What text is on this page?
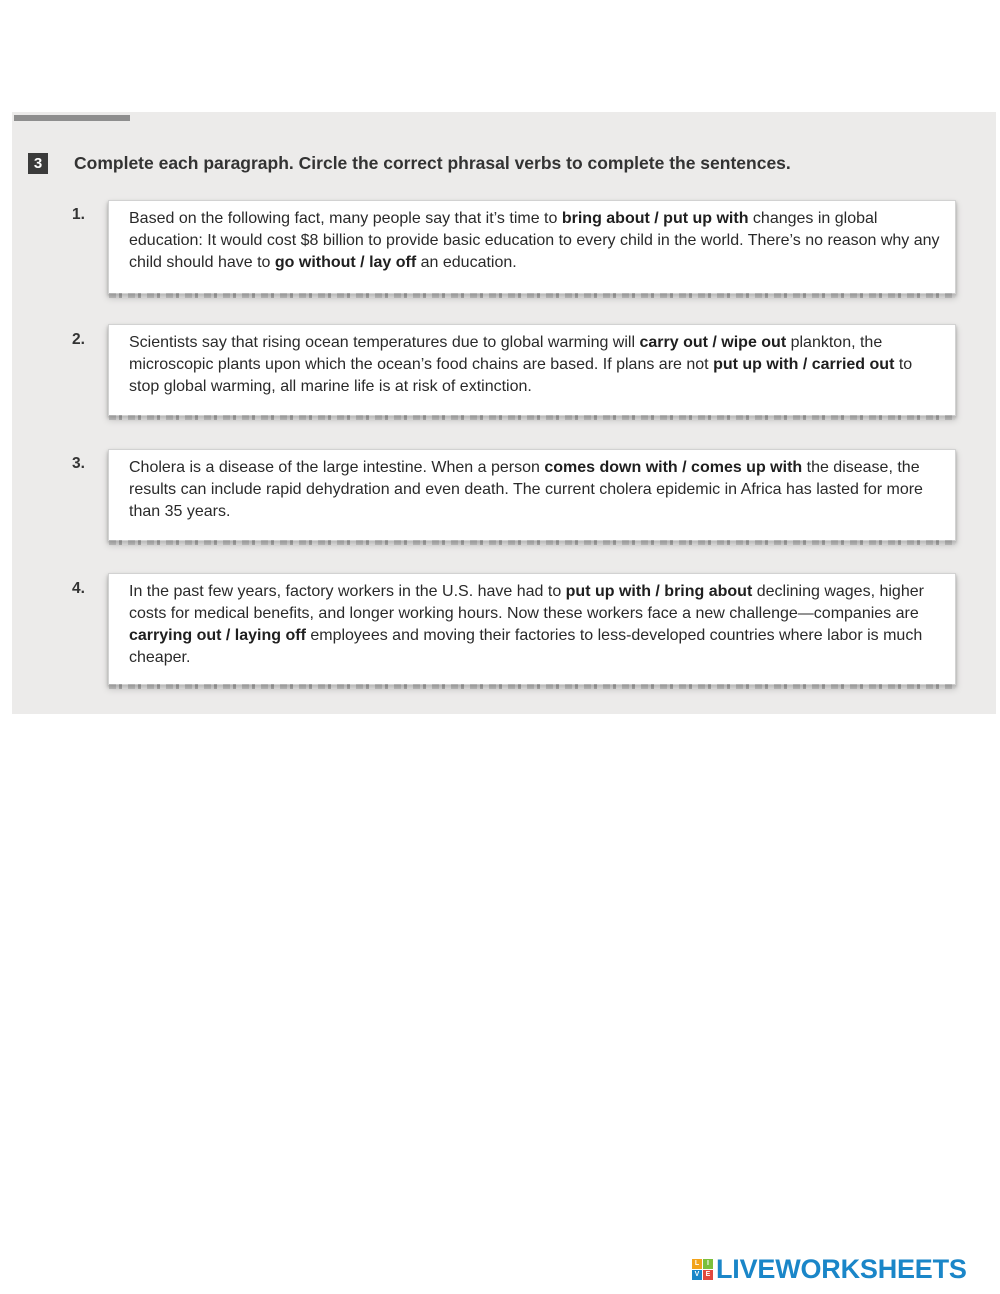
3	Complete each paragraph. Circle the correct phrasal verbs to complete the sentences.
1.	Based on the following fact, many people say that it’s time to bring about / put up with changes in global education: It would cost $8 billion to provide basic education to every child in the world. There’s no reason why any child should have to go without / lay off an education.
2.	Scientists say that rising ocean temperatures due to global warming will carry out / wipe out plankton, the microscopic plants upon which the ocean’s food chains are based. If plans are not put up with / carried out to stop global warming, all marine life is at risk of extinction.
3.	Cholera is a disease of the large intestine. When a person comes down with / comes up with the disease, the results can include rapid dehydration and even death. The current cholera epidemic in Africa has lasted for more than 35 years.
4.	In the past few years, factory workers in the U.S. have had to put up with / bring about declining wages, higher costs for medical benefits, and longer working hours. Now these workers face a new challenge—companies are carrying out / laying off employees and moving their factories to less-developed countries where labor is much cheaper.
L	I
V E LIVEWORKSHEETS
